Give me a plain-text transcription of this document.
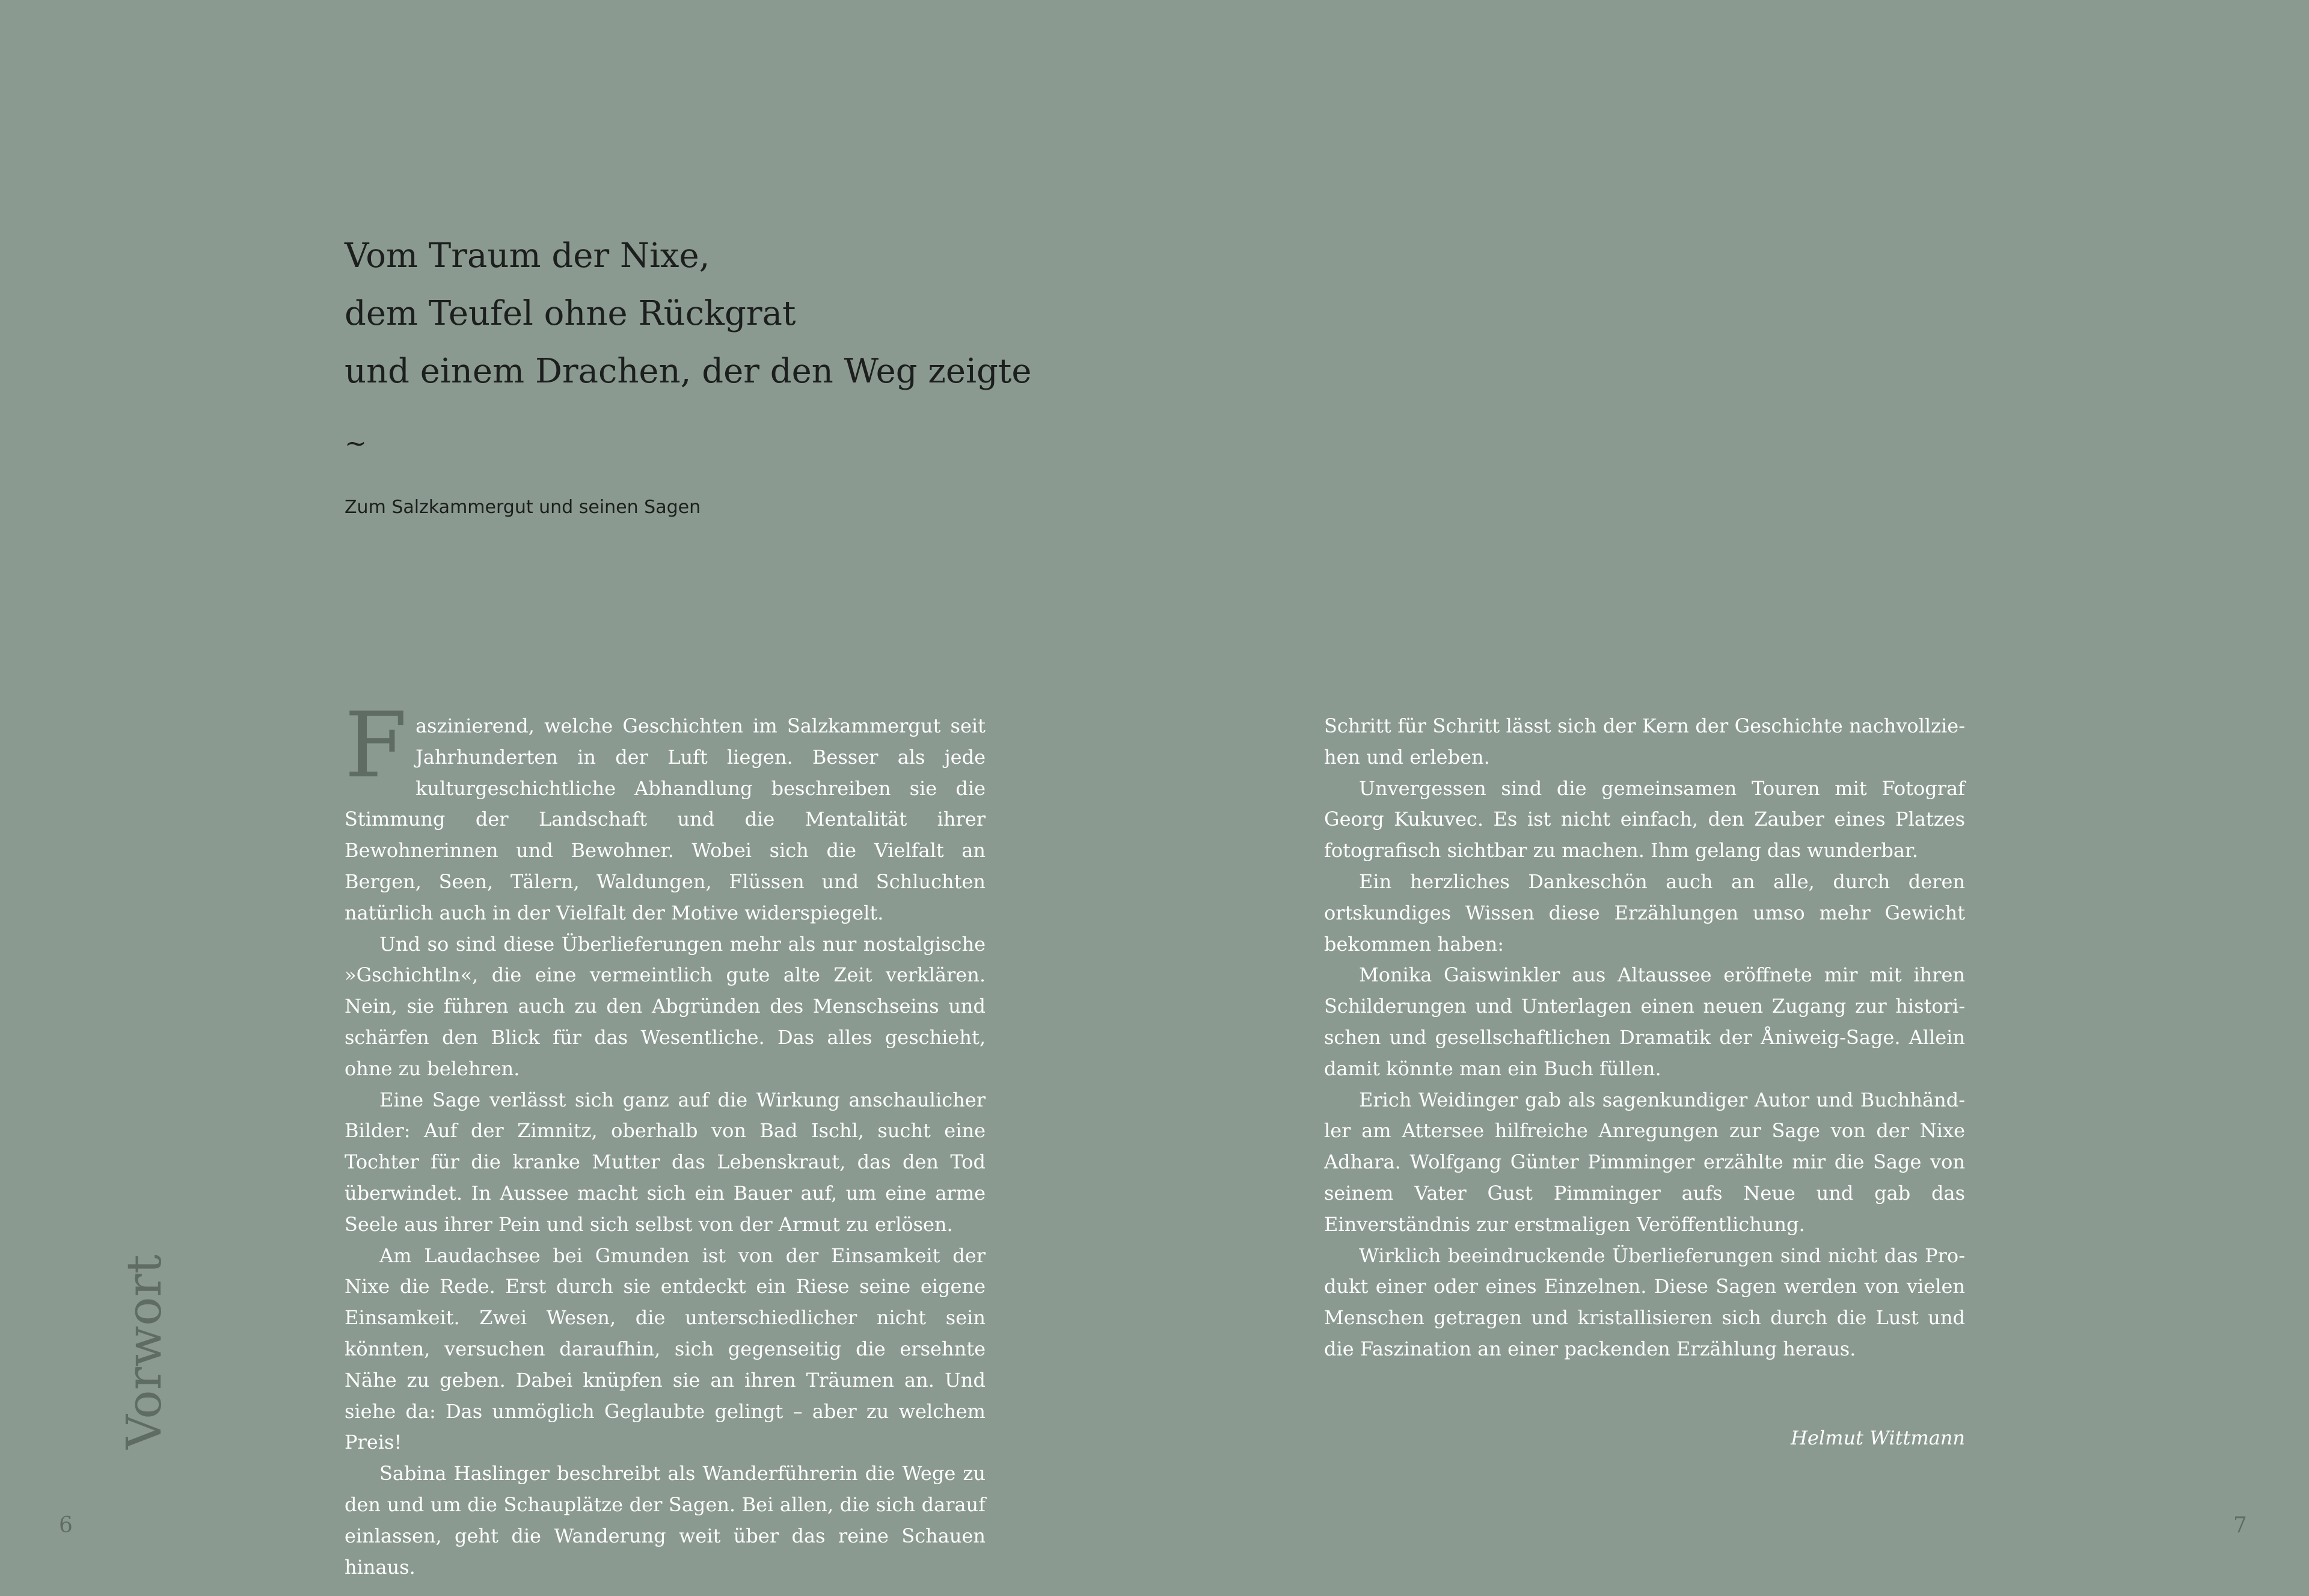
Vom Traum der Nixe,
dem Teufel ohne Rückgrat
und einem Drachen, der den Weg zeigte
~
Zum Salzkammergut und seinen Sagen

Faszinierend, welche Geschichten im Salzkammergut seit Jahrhunderten in der Luft liegen. Besser als jede kulturgeschichtliche Abhandlung beschreiben sie die Stimmung der Landschaft und die Mentalität ihrer Bewohnerinnen und Bewohner. Wobei sich die Vielfalt an Bergen, Seen, Tälern, Waldungen, Flüssen und Schluchten natürlich auch in der Vielfalt der Motive widerspiegelt.

Und so sind diese Überlieferungen mehr als nur nostalgische »Gschichtln«, die eine vermeintlich gute alte Zeit verklären. Nein, sie führen auch zu den Abgründen des Menschseins und schärfen den Blick für das Wesentliche. Das alles geschieht, ohne zu belehren.

Eine Sage verlässt sich ganz auf die Wirkung anschaulicher Bilder: Auf der Zimnitz, oberhalb von Bad Ischl, sucht eine Tochter für die kranke Mutter das Lebenskraut, das den Tod überwindet. In Aussee macht sich ein Bauer auf, um eine arme Seele aus ihrer Pein und sich selbst von der Armut zu erlösen.

Am Laudachsee bei Gmunden ist von der Einsamkeit der Nixe die Rede. Erst durch sie entdeckt ein Riese seine eigene Einsamkeit. Zwei Wesen, die unterschiedlicher nicht sein könnten, versuchen daraufhin, sich gegenseitig die ersehnte Nähe zu geben. Dabei knüpfen sie an ihren Träumen an. Und siehe da: Das unmöglich Geglaubte gelingt – aber zu welchem Preis!

Sabina Haslinger beschreibt als Wanderführerin die Wege zu den und um die Schauplätze der Sagen. Bei allen, die sich darauf einlassen, geht die Wanderung weit über das reine Schauen hinaus.

Schritt für Schritt lässt sich der Kern der Geschichte nachvollziehen und erleben.

Unvergessen sind die gemeinsamen Touren mit Fotograf Georg Kukuvec. Es ist nicht einfach, den Zauber eines Platzes fotografisch sichtbar zu machen. Ihm gelang das wunderbar.

Ein herzliches Dankeschön auch an alle, durch deren ortskundiges Wissen diese Erzählungen umso mehr Gewicht bekommen haben:

Monika Gaiswinkler aus Altaussee eröffnete mir mit ihren Schilderungen und Unterlagen einen neuen Zugang zur historischen und gesellschaftlichen Dramatik der Åniweig-Sage. Allein damit könnte man ein Buch füllen.

Erich Weidinger gab als sagenkundiger Autor und Buchhändler am Attersee hilfreiche Anregungen zur Sage von der Nixe Adhara. Wolfgang Günter Pimminger erzählte mir die Sage von seinem Vater Gust Pimminger aufs Neue und gab das Einverständnis zur erstmaligen Veröffentlichung.

Wirklich beeindruckende Überlieferungen sind nicht das Produkt einer oder eines Einzelnen. Diese Sagen werden von vielen Menschen getragen und kristallisieren sich durch die Lust und die Faszination an einer packenden Erzählung heraus.

Helmut Wittmann
Vorwort
6	7
